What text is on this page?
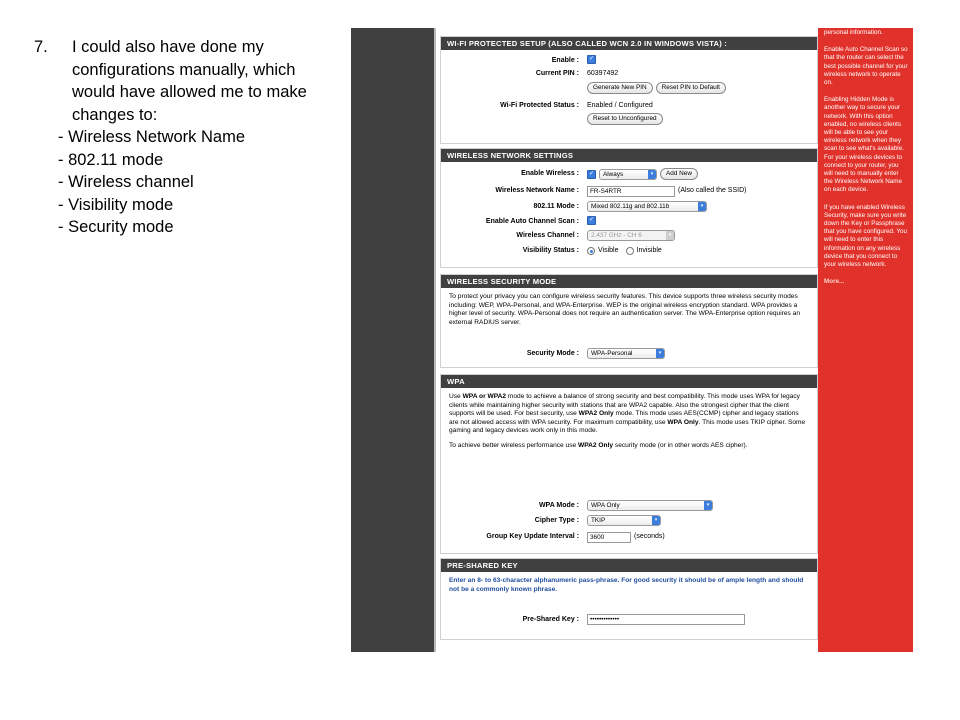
7.	I could also have done my configurations manually, which would have allowed me to make changes to:
- Wireless Network Name
- 802.11 mode
- Wireless channel
- Visibility mode
- Security mode
WI-FI PROTECTED SETUP (ALSO CALLED WCN 2.0 IN WINDOWS VISTA) :
Enable :	✓
Current PIN : 60397492
Generate New PIN	Reset PIN to Default
Wi-Fi Protected Status : Enabled / Configured
Reset to Unconfigured
WIRELESS NETWORK SETTINGS
Enable Wireless :	✓	Always	▾	Add New
Wireless Network Name :	FR-S4RTR	(Also called the SSID)
802.11 Mode :	Mixed 802.11g and 802.11b	▾
Enable Auto Channel Scan :	✓
Wireless Channel :	2.437 GHz - CH 6	▾
Visibility Status :	Visible	Invisible
WIRELESS SECURITY MODE
To protect your privacy you can configure wireless security features. This device supports three wireless security modes including: WEP, WPA-Personal, and WPA-Enterprise. WEP is the original wireless encryption standard. WPA provides a higher level of security. WPA-Personal does not require an authentication server. The WPA-Enterprise option requires an external RADIUS server.
Security Mode :	WPA-Personal	▾
WPA
Use WPA or WPA2 mode to achieve a balance of strong security and best compatibility. This mode uses WPA for legacy clients while maintaining higher security with stations that are WPA2 capable. Also the strongest cipher that the client supports will be used. For best security, use WPA2 Only mode. This mode uses AES(CCMP) cipher and legacy stations are not allowed access with WPA security. For maximum compatibility, use WPA Only. This mode uses TKIP cipher. Some gaming and legacy devices work only in this mode.
To achieve better wireless performance use WPA2 Only security mode (or in other words AES cipher).
WPA Mode :	WPA Only	▾
Cipher Type :	TKIP	▾
Group Key Update Interval :	3600	(seconds)
PRE-SHARED KEY
Enter an 8- to 63-character alphanumeric pass-phrase. For good security it should be of ample length and should not be a commonly known phrase.
Pre-Shared Key :	•••••••••••••

personal information.

Enable Auto Channel Scan so that the router can select the best possible channel for your wireless network to operate on.

Enabling Hidden Mode is another way to secure your network. With this option enabled, no wireless clients will be able to see your wireless network when they scan to see what's available. For your wireless devices to connect to your router, you will need to manually enter the Wireless Network Name on each device.

If you have enabled Wireless Security, make sure you write down the Key or Passphrase that you have configured. You will need to enter this information on any wireless device that you connect to your wireless network.

More...
